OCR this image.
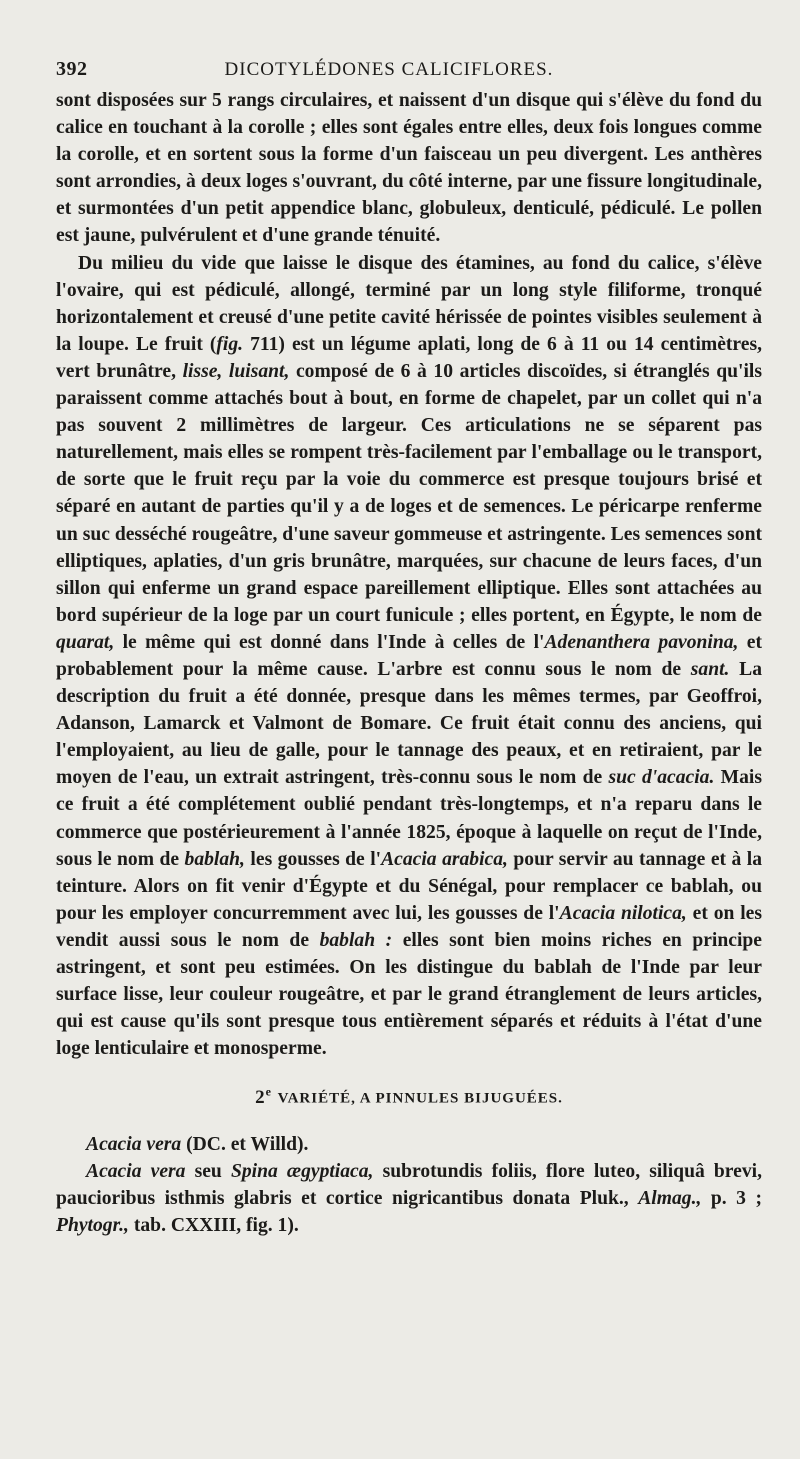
392	DICOTYLÉDONES CALICIFLORES.

sont disposées sur 5 rangs circulaires, et naissent d'un disque qui s'élève du fond du calice en touchant à la corolle ; elles sont égales entre elles, deux fois longues comme la corolle, et en sortent sous la forme d'un faisceau un peu divergent. Les anthères sont arrondies, à deux loges s'ouvrant, du côté interne, par une fissure longitudinale, et surmontées d'un petit appendice blanc, globuleux, denticulé, pédiculé. Le pollen est jaune, pulvérulent et d'une grande ténuité.

Du milieu du vide que laisse le disque des étamines, au fond du calice, s'élève l'ovaire, qui est pédiculé, allongé, terminé par un long style filiforme, tronqué horizontalement et creusé d'une petite cavité hérissée de pointes visibles seulement à la loupe. Le fruit (fig. 711) est un légume aplati, long de 6 à 11 ou 14 centimètres, vert brunâtre, lisse, luisant, composé de 6 à 10 articles discoïdes, si étranglés qu'ils paraissent comme attachés bout à bout, en forme de chapelet, par un collet qui n'a pas souvent 2 millimètres de largeur. Ces articulations ne se séparent pas naturellement, mais elles se rompent très-facilement par l'emballage ou le transport, de sorte que le fruit reçu par la voie du commerce est presque toujours brisé et séparé en autant de parties qu'il y a de loges et de semences. Le péricarpe renferme un suc desséché rougeâtre, d'une saveur gommeuse et astringente. Les semences sont elliptiques, aplaties, d'un gris brunâtre, marquées, sur chacune de leurs faces, d'un sillon qui enferme un grand espace pareillement elliptique. Elles sont attachées au bord supérieur de la loge par un court funicule ; elles portent, en Égypte, le nom de quarat, le même qui est donné dans l'Inde à celles de l'Adenanthera pavonina, et probablement pour la même cause. L'arbre est connu sous le nom de sant. La description du fruit a été donnée, presque dans les mêmes termes, par Geoffroi, Adanson, Lamarck et Valmont de Bomare. Ce fruit était connu des anciens, qui l'employaient, au lieu de galle, pour le tannage des peaux, et en retiraient, par le moyen de l'eau, un extrait astringent, très-connu sous le nom de suc d'acacia. Mais ce fruit a été complétement oublié pendant très-longtemps, et n'a reparu dans le commerce que postérieurement à l'année 1825, époque à laquelle on reçut de l'Inde, sous le nom de bablah, les gousses de l'Acacia arabica, pour servir au tannage et à la teinture. Alors on fit venir d'Égypte et du Sénégal, pour remplacer ce bablah, ou pour les employer concurremment avec lui, les gousses de l'Acacia nilotica, et on les vendit aussi sous le nom de bablah : elles sont bien moins riches en principe astringent, et sont peu estimées. On les distingue du bablah de l'Inde par leur surface lisse, leur couleur rougeâtre, et par le grand étranglement de leurs articles, qui est cause qu'ils sont presque tous entièrement séparés et réduits à l'état d'une loge lenticulaire et monosperme.

2e VARIÉTÉ, A PINNULES BIJUGUÉES.

Acacia vera (DC. et Willd).

Acacia vera seu Spina ægyptiaca, subrotundis foliis, flore luteo, siliquâ brevi, paucioribus isthmis glabris et cortice nigricantibus donata Pluk., Almag., p. 3 ; Phytogr., tab. CXXIII, fig. 1).
